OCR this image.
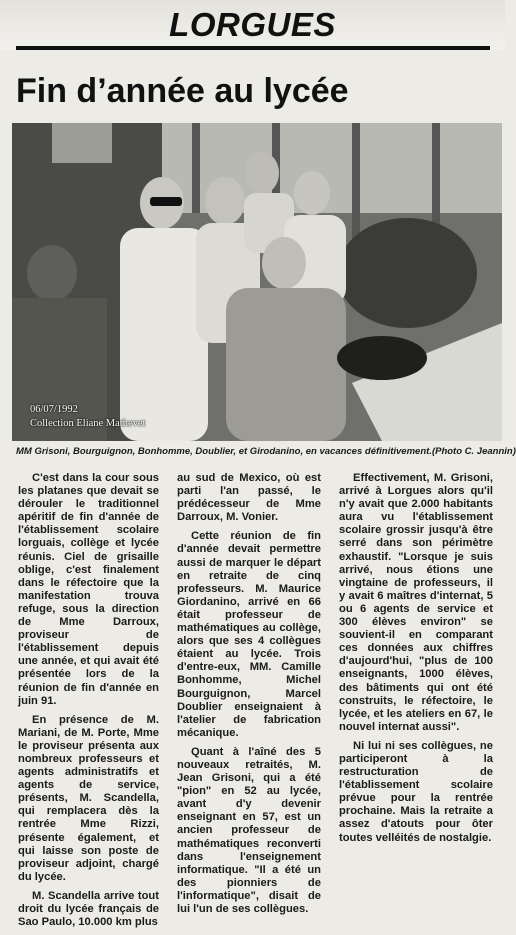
LORGUES
Fin d’année au lycée
06/07/1992
Collection Eliane Mathevet
MM Grisoni, Bourguignon, Bonhomme, Doublier, et Girodanino, en vacances définitivement. (Photo C. Jeannin)

C'est dans la cour sous les platanes que devait se dérouler le traditionnel apéritif de fin d'année de l'établissement scolaire lorguais, collège et lycée réunis. Ciel de grisaille oblige, c'est finalement dans le réfectoire que la manifestation trouva refuge, sous la direction de Mme Darroux, proviseur de l'établissement depuis une année, et qui avait été présentée lors de la réunion de fin d'année en juin 91.

En présence de M. Mariani, de M. Porte, Mme le proviseur présenta aux nombreux professeurs et agents administratifs et agents de service, présents, M. Scandella, qui remplacera dès la rentrée Mme Rizzi, présente également, et qui laisse son poste de proviseur adjoint, chargé du lycée.

M. Scandella arrive tout droit du lycée français de Sao Paulo, 10.000 km plus

au sud de Mexico, où est parti l'an passé, le prédécesseur de Mme Darroux, M. Vonier.

Cette réunion de fin d'année devait permettre aussi de marquer le départ en retraite de cinq professeurs. M. Maurice Giordanino, arrivé en 66 était professeur de mathématiques au collège, alors que ses 4 collègues étaient au lycée. Trois d'entre-eux, MM. Camille Bonhomme, Michel Bourguignon, Marcel Doublier enseignaient à l'atelier de fabrication mécanique.

Quant à l'aîné des 5 nouveaux retraités, M. Jean Grisoni, qui a été "pion" en 52 au lycée, avant d'y devenir enseignant en 57, est un ancien professeur de mathématiques reconverti dans l'enseignement informatique. "Il a été un des pionniers de l'informatique", disait de lui l'un de ses collègues.

Effectivement, M. Grisoni, arrivé à Lorgues alors qu'il n'y avait que 2.000 habitants aura vu l'établissement scolaire grossir jusqu'à être serré dans son périmètre exhaustif. "Lorsque je suis arrivé, nous étions une vingtaine de professeurs, il y avait 6 maîtres d'internat, 5 ou 6 agents de service et 300 élèves environ" se souvient-il en comparant ces données aux chiffres d'aujourd'hui, "plus de 100 enseignants, 1000 élèves, des bâtiments qui ont été construits, le réfectoire, le lycée, et les ateliers en 67, le nouvel internat aussi".

Ni lui ni ses collègues, ne participeront à la restructuration de l'établissement scolaire prévue pour la rentrée prochaine. Mais la retraite a assez d'atouts pour ôter toutes velléités de nostalgie.
